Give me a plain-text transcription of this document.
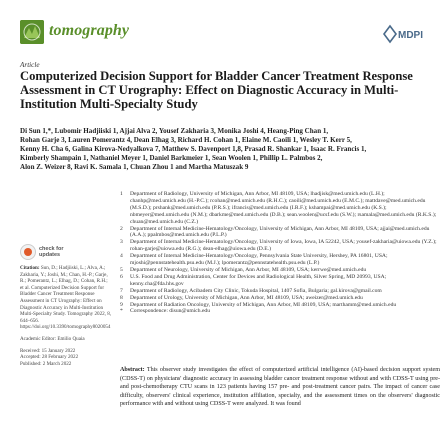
tomography	MDPI
Article
Computerized Decision Support for Bladder Cancer Treatment Response Assessment in CT Urography: Effect on Diagnostic Accuracy in Multi-Institution Multi-Specialty Study
Di Sun 1,*, Lubomir Hadjiiski 1, Ajjai Alva 2, Yousef Zakharia 3, Monika Joshi 4, Heang-Ping Chan 1,
Rohan Garje 3, Lauren Pomerantz 4, Dean Elhag 3, Richard H. Cohan 1, Elaine M. Caoili 1, Wesley T. Kerr 5,
Kenny H. Cha 6, Galina Kirova-Nedyalkova 7, Matthew S. Davenport 1,8, Prasad R. Shankar 1, Isaac R. Francis 1,
Kimberly Shampain 1, Nathaniel Meyer 1, Daniel Barkmeier 1, Sean Woolen 1, Phillip L. Palmbos 2,
Alon Z. Weizer 8, Ravi K. Samala 1, Chuan Zhou 1 and Martha Matuszak 9
1	Department of Radiology, University of Michigan, Ann Arbor, MI 48109, USA; lhadjisk@med.umich.edu (L.H.); chanhp@med.umich.edu (H.-P.C.); rcohan@med.umich.edu (R.H.C.); caoili@med.umich.edu (E.M.C.); mattdave@med.umich.edu (M.S.D.); prshank@med.umich.edu (P.R.S.); ifrancis@med.umich.edu (I.R.F.); kshampai@med.umich.edu (K.S.); nbmeyer@med.umich.edu (N.M.); dbarkme@med.umich.edu (D.B.); sean.woolen@ucsf.edu (S.W.); rsamala@med.umich.edu (R.K.S.); chuan@med.umich.edu (C.Z.)
2	Department of Internal Medicine-Hematology/Oncology, University of Michigan, Ann Arbor, MI 48109, USA; ajjai@med.umich.edu (A.A.); ppalmbos@med.umich.edu (P.L.P.)
3	Department of Internal Medicine-Hematology/Oncology, University of Iowa, Iowa, IA 52242, USA; yousef-zakharia@uiowa.edu (Y.Z.); rohan-garje@uiowa.edu (R.G.); dean-elhag@uiowa.edu (D.E.)
4	Department of Internal Medicine-Hematology/Oncology, Pennsylvania State University, Hershey, PA 16801, USA; mjoshi@pennstatehealth.psu.edu (M.J.); lpomerantz@pennstatehealth.psu.edu (L.P.)
5	Department of Neurology, University of Michigan, Ann Arbor, MI 48109, USA; kerrwe@med.umich.edu
6	U.S. Food and Drug Administration, Center for Devices and Radiological Health, Silver Spring, MD 20993, USA; kenny.cha@fda.hhs.gov
7	Department of Radiology, Acibadem City Clinic, Tokuda Hospital, 1407 Sofia, Bulgaria; gal.kirova@gmail.com
8	Department of Urology, University of Michigan, Ann Arbor, MI 48109, USA; aweizer@med.umich.edu
9	Department of Radiation Oncology, University of Michigan, Ann Arbor, MI 48109, USA; marthamm@med.umich.edu
*	Correspondence: disun@umich.edu
check for
updates
Citation: Sun, D.; Hadjiiski, L.; Alva, A.; Zakharia, Y.; Joshi, M.; Chan, H.-P.; Garje, R.; Pomerantz, L.; Elhag, D.; Cohan, R.H.; et al. Computerized Decision Support for Bladder Cancer Treatment Response Assessment in CT Urography: Effect on Diagnostic Accuracy in Multi-Institution Multi-Specialty Study. Tomography 2022, 8, 644–656. https://doi.org/10.3390/tomography8020054
Academic Editor: Emilio Quaia
Received: 15 January 2022
Accepted: 28 February 2022
Published: 2 March 2022
Abstract: This observer study investigates the effect of computerized artificial intelligence (AI)-based decision support system (CDSS-T) on physicians' diagnostic accuracy in assessing bladder cancer treatment response without and with CDSS-T using pre- and post-chemotherapy CTU scans in 123 patients having 157 pre- and post-treatment cancer pairs. The impact of cancer case difficulty, observers' clinical experience, institution affiliation, specialty, and the assessment times on the observers' diagnostic performance with and without using CDSS-T were analyzed. It was found
